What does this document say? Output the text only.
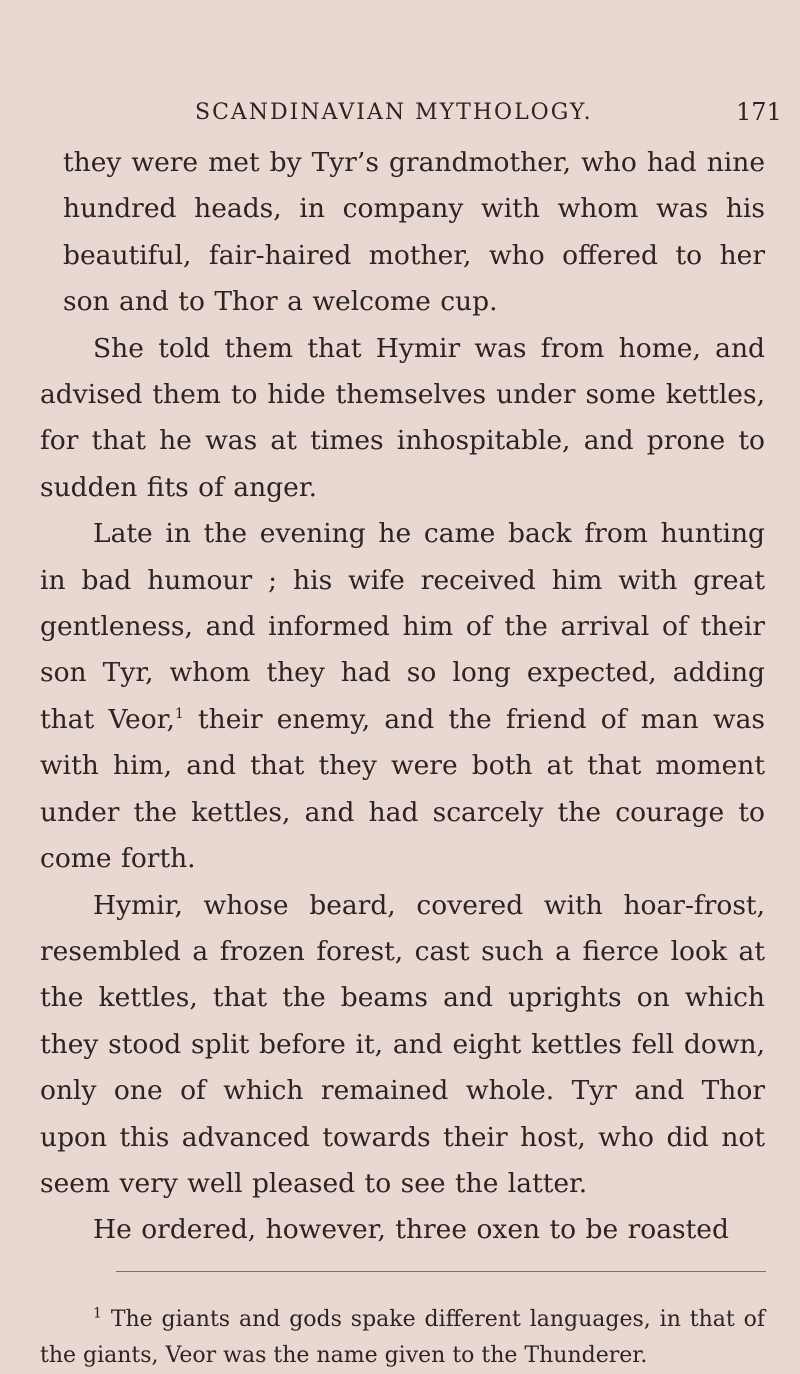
SCANDINAVIAN MYTHOLOGY.	171

they were met by Tyr’s grandmother, who had nine hundred heads, in company with whom was his beautiful, fair-haired mother, who offered to her son and to Thor a welcome cup.

She told them that Hymir was from home, and advised them to hide themselves under some kettles, for that he was at times inhospitable, and prone to sudden fits of anger.

Late in the evening he came back from hunting in bad humour ; his wife received him with great gentleness, and informed him of the arrival of their son Tyr, whom they had so long expected, adding that Veor,$^1$ their enemy, and the friend of man was with him, and that they were both at that moment under the kettles, and had scarcely the courage to come forth.

Hymir, whose beard, covered with hoar-frost, resembled a frozen forest, cast such a fierce look at the kettles, that the beams and uprights on which they stood split before it, and eight kettles fell down, only one of which remained whole. Tyr and Thor upon this advanced towards their host, who did not seem very well pleased to see the latter.

He ordered, however, three oxen to be roasted

$^1$ The giants and gods spake different languages, in that of the giants, Veor was the name given to the Thunderer.
